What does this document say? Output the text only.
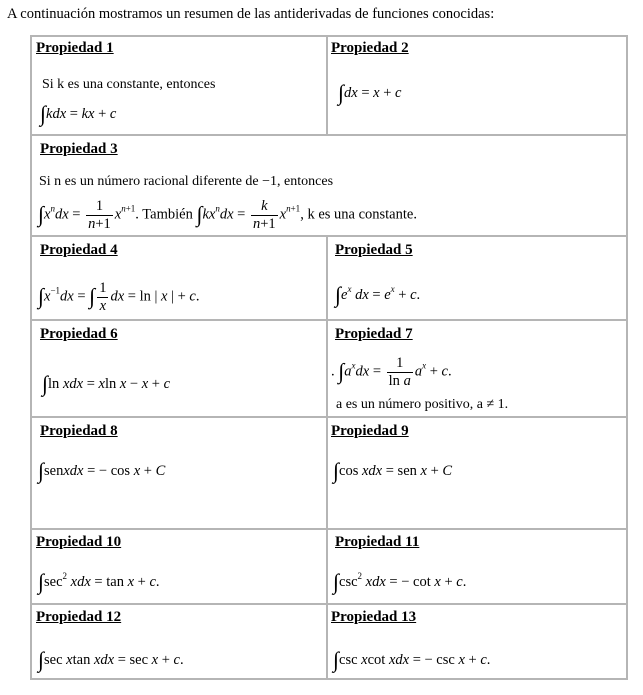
A continuación mostramos un resumen de las antiderivadas de funciones conocidas:
Propiedad 1
Si k es una constante, entonces
∫kdx = kx + c
Propiedad 2
∫dx = x + c
Propiedad 3
Si n es un número racional diferente de −1, entonces
$\int x^ndx = \frac{1}{n+1} x^{n+1}$. También $\int kx^ndx = \frac{k}{n+1} x^{n+1}$, k es una constante.
Propiedad 4
$\int x^{-1}dx$ = ∫ $\frac{1}{x}$ dx = ln | x | + c.
Propiedad 5
$\int e^x$ dx = $e^x + c$.
Propiedad 6
∫ln xdx = xln x − x + c
Propiedad 7
. $\int a^xdx = \frac{1}{\text{ln a}} a^x + c$.
a es un número positivo, a ≠ 1.
Propiedad 8
∫senxdx = − cos x + C
Propiedad 9
∫cos xdx = sen x + C
Propiedad 10
$\int\sec^2$ xdx = tan x + c.
Propiedad 11
$\int\csc^2$ xdx = − cot x + c.
Propiedad 12
∫sec xtan xdx = sec x + c.
Propiedad 13
∫csc xcot xdx = − csc x + c.
